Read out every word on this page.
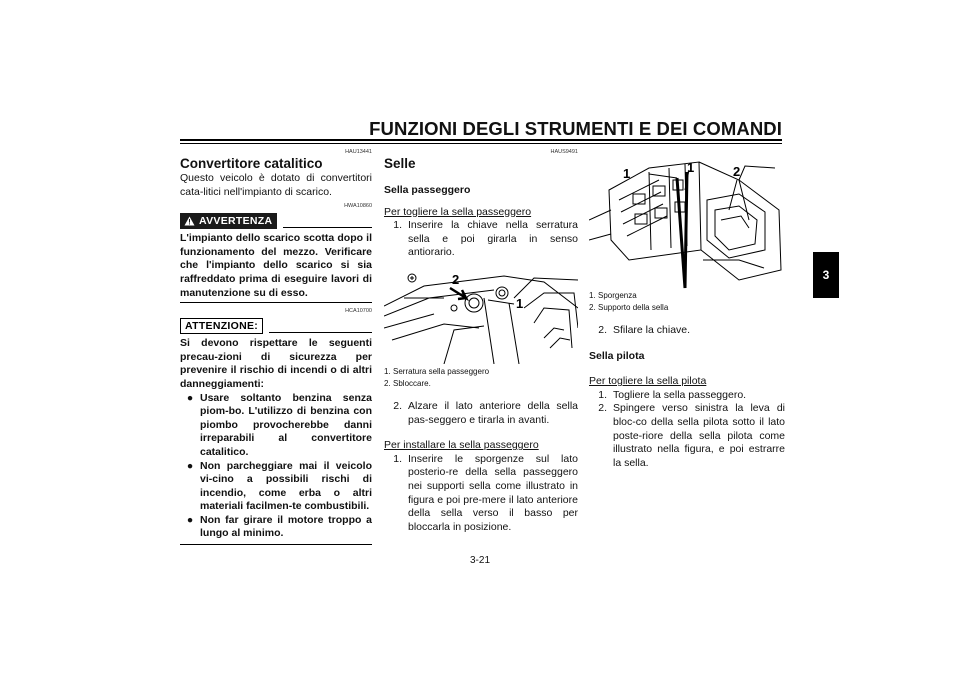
FUNZIONI DEGLI STRUMENTI E DEI COMANDI
3
HAU13441
Convertitore catalitico

Questo veicolo è dotato di convertitori cata-litici nell'impianto di scarico.

HWA10860
AVVERTENZA

L'impianto dello scarico scotta dopo il funzionamento del mezzo. Verificare che l'impianto dello scarico si sia raffreddato prima di eseguire lavori di manutenzione su di esso.

HCA10700
ATTENZIONE:

Si devono rispettare le seguenti precau-zioni di sicurezza per prevenire il rischio di incendi o di altri danneggiamenti:

● Usare soltanto benzina senza piom-bo. L'utilizzo di benzina con piombo provocherebbe danni irreparabili al convertitore catalitico.
● Non parcheggiare mai il veicolo vi-cino a possibili rischi di incendio, come erba o altri materiali facilmen-te combustibili.
● Non far girare il motore troppo a lungo al minimo.
HAUS9491
Selle
Sella passeggero
Per togliere la sella passeggero
1. Inserire la chiave nella serratura sella e poi girarla in senso antiorario.
2
1
1. Serratura sella passeggero
2. Sbloccare.
2. Alzare il lato anteriore della sella pas-seggero e tirarla in avanti.
Per installare la sella passeggero
1. Inserire le sporgenze sul lato posterio-re della sella passeggero nei supporti sella come illustrato in figura e poi pre-mere il lato anteriore della sella verso il basso per bloccarla in posizione.
1	1	2
1. Sporgenza
2. Supporto della sella
2. Sfilare la chiave.
Sella pilota
Per togliere la sella pilota
1. Togliere la sella passeggero.
2. Spingere verso sinistra la leva di bloc-co della sella pilota sotto il lato poste-riore della sella pilota come illustrato nella figura, e poi estrarre la sella.
3-21
